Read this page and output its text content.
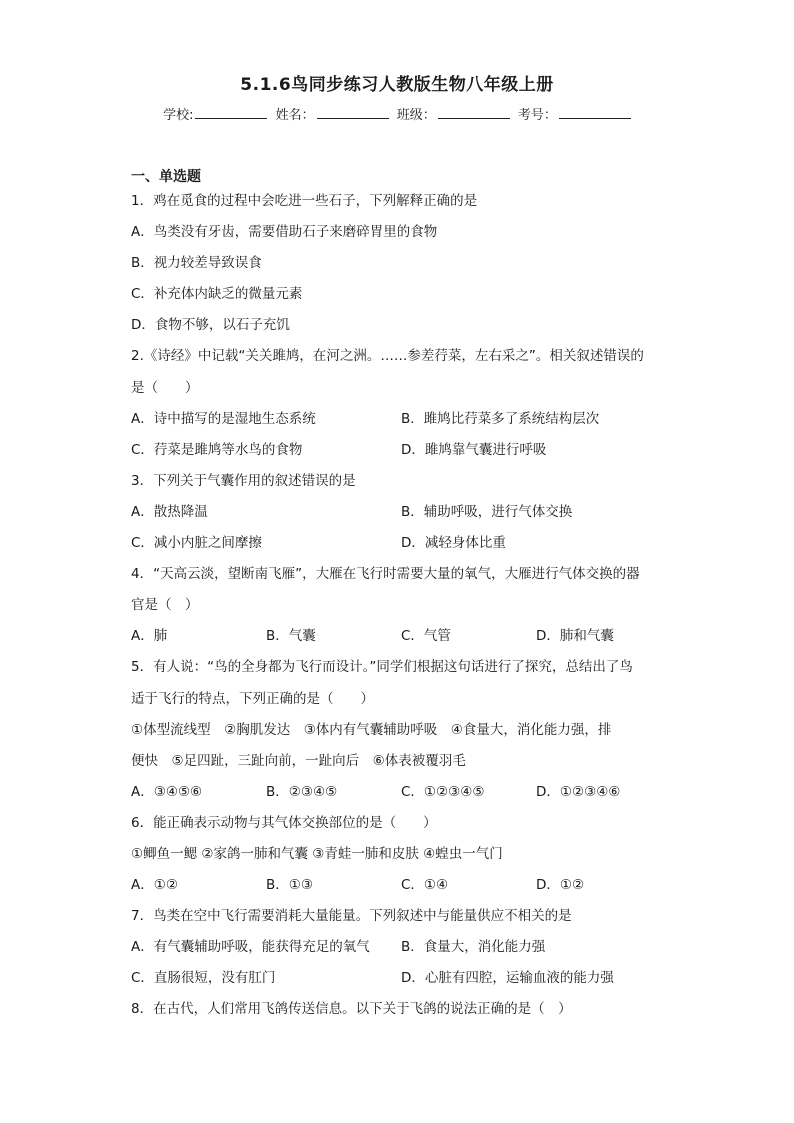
5.1.6鸟同步练习人教版生物八年级上册
学校:	姓名：	班级：	考号：
一、单选题
1．鸡在觅食的过程中会吃进一些石子，下列解释正确的是
A．鸟类没有牙齿，需要借助石子来磨碎胃里的食物
B．视力较差导致误食
C．补充体内缺乏的微量元素
D．食物不够，以石子充饥
2.《诗经》中记载“关关雎鸠，在河之洲。……参差荇菜，左右采之”。相关叙述错误的
是（　　）
A．诗中描写的是湿地生态系统	B．雎鸠比荇菜多了系统结构层次
C．荇菜是雎鸠等水鸟的食物	D．雎鸠靠气囊进行呼吸
3．下列关于气囊作用的叙述错误的是
A．散热降温	B．辅助呼吸，进行气体交换
C．减小内脏之间摩擦	D．减轻身体比重
4．“天高云淡，望断南飞雁”，大雁在飞行时需要大量的氧气，大雁进行气体交换的器
官是（　）
A．肺	B．气囊	C．气管	D．肺和气囊
5．有人说：“鸟的全身都为飞行而设计。”同学们根据这句话进行了探究，总结出了鸟
适于飞行的特点，下列正确的是（　　）
①体型流线型　②胸肌发达　③体内有气囊辅助呼吸　④食量大，消化能力强，排
便快　⑤足四趾，三趾向前，一趾向后　⑥体表被覆羽毛
A．③④⑤⑥	B．②③④⑤	C．①②③④⑤	D．①②③④⑥
6．能正确表示动物与其气体交换部位的是（　　）
①鲫鱼一鳃 ②家鸽一肺和气囊 ③青蛙一肺和皮肤 ④蝗虫一气门
A．①②	B．①③	C．①④	D．①②
7．鸟类在空中飞行需要消耗大量能量。下列叙述中与能量供应不相关的是
A．有气囊辅助呼吸，能获得充足的氧气	B．食量大，消化能力强
C．直肠很短，没有肛门	D．心脏有四腔，运输血液的能力强
8．在古代，人们常用飞鸽传送信息。以下关于飞鸽的说法正确的是（　）
